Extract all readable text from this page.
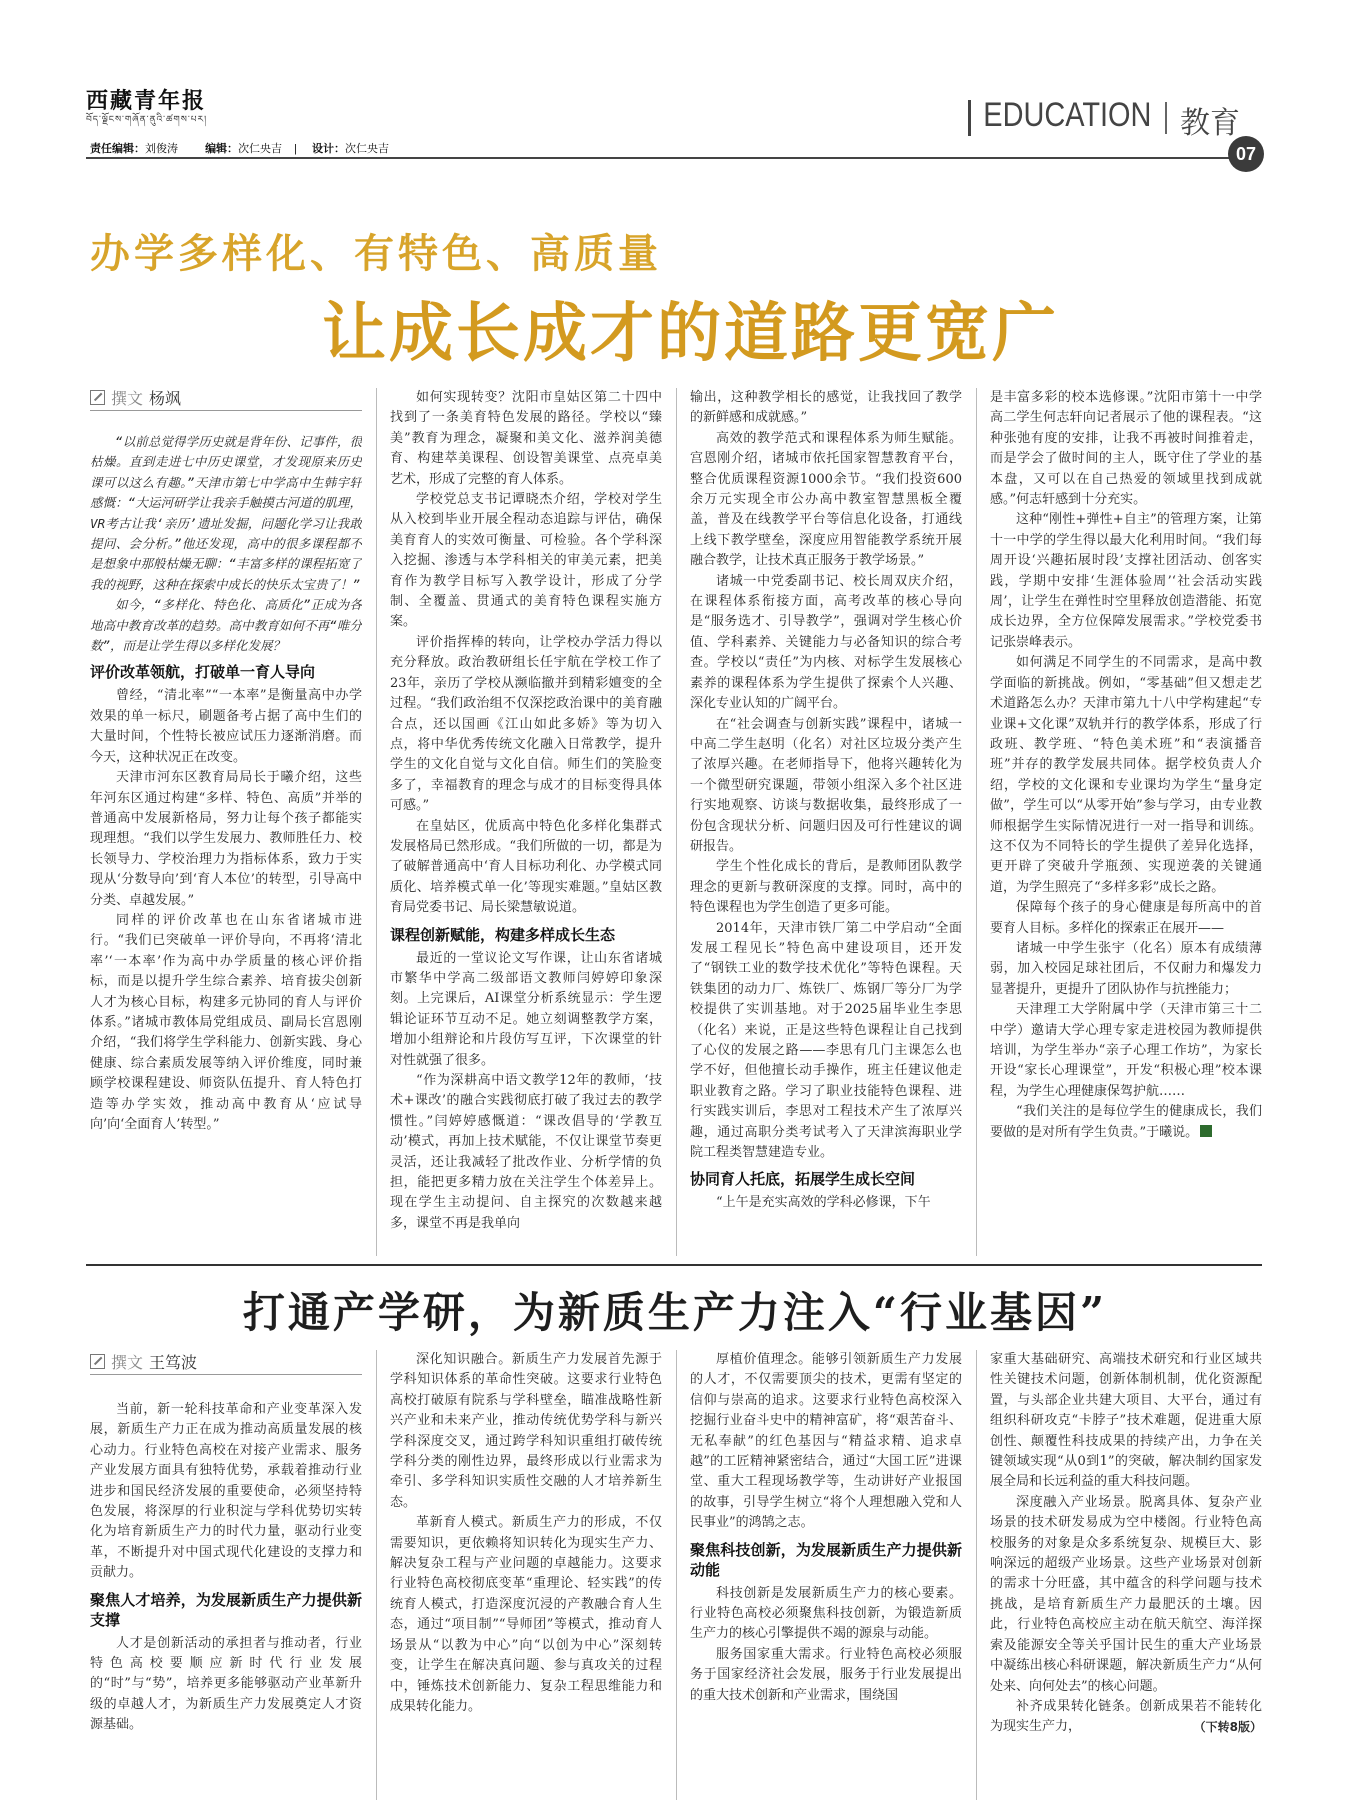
西藏青年报
བོད་ལྗོངས་གཞོན་ནུའི་ཚགས་པར།
责任编辑：刘俊涛 编辑：次仁央吉 | 设计：次仁央吉
EDUCATION 教育
07
办学多样化、有特色、高质量
让成长成才的道路更宽广
撰文 杨飒

“以前总觉得学历史就是背年份、记事件，很枯燥。直到走进七中历史课堂，才发现原来历史课可以这么有趣。”天津市第七中学高中生韩宇轩感慨：“大运河研学让我亲手触摸古河道的肌理，VR考古让我‘亲历’遗址发掘，问题化学习让我敢提问、会分析。”他还发现，高中的很多课程都不是想象中那般枯燥无聊：“丰富多样的课程拓宽了我的视野，这种在探索中成长的快乐太宝贵了！”

如今，“多样化、特色化、高质化”正成为各地高中教育改革的趋势。高中教育如何不再“唯分数”，而是让学生得以多样化发展？

评价改革领航，打破单一育人导向

曾经，“清北率”“一本率”是衡量高中办学效果的单一标尺，刷题备考占据了高中生们的大量时间，个性特长被应试压力逐渐消磨。而今天，这种状况正在改变。

天津市河东区教育局局长于曦介绍，这些年河东区通过构建“多样、特色、高质”并举的普通高中发展新格局，努力让每个孩子都能实现理想。“我们以学生发展力、教师胜任力、校长领导力、学校治理力为指标体系，致力于实现从‘分数导向’到‘育人本位’的转型，引导高中分类、卓越发展。”

同样的评价改革也在山东省诸城市进行。“我们已突破单一评价导向，不再将‘清北率’‘一本率’作为高中办学质量的核心评价指标，而是以提升学生综合素养、培育拔尖创新人才为核心目标，构建多元协同的育人与评价体系。”诸城市教体局党组成员、副局长宫恩刚介绍，“我们将学生学科能力、创新实践、身心健康、综合素质发展等纳入评价维度，同时兼顾学校课程建设、师资队伍提升、育人特色打造等办学实效，推动高中教育从‘应试导向’向‘全面育人’转型。”

如何实现转变？沈阳市皇姑区第二十四中找到了一条美育特色发展的路径。学校以“臻美”教育为理念，凝聚和美文化、滋养润美德育、构建萃美课程、创设智美课堂、点亮卓美艺术，形成了完整的育人体系。

学校党总支书记谭晓杰介绍，学校对学生从入校到毕业开展全程动态追踪与评估，确保美育育人的实效可衡量、可检验。各个学科深入挖掘、渗透与本学科相关的审美元素，把美育作为教学目标写入教学设计，形成了分学制、全覆盖、贯通式的美育特色课程实施方案。

评价指挥棒的转向，让学校办学活力得以充分释放。政治教研组长任宇航在学校工作了23年，亲历了学校从濒临撤并到精彩嬗变的全过程。“我们政治组不仅深挖政治课中的美育融合点，还以国画《江山如此多娇》等为切入点，将中华优秀传统文化融入日常教学，提升学生的文化自觉与文化自信。师生们的笑脸变多了，幸福教育的理念与成才的目标变得具体可感。”

在皇姑区，优质高中特色化多样化集群式发展格局已然形成。“我们所做的一切，都是为了破解普通高中‘育人目标功利化、办学模式同质化、培养模式单一化’等现实难题。”皇姑区教育局党委书记、局长梁慧敏说道。

课程创新赋能，构建多样成长生态

最近的一堂议论文写作课，让山东省诸城市繁华中学高二级部语文教师闫婷婷印象深刻。上完课后，AI课堂分析系统显示：学生逻辑论证环节互动不足。她立刻调整教学方案，增加小组辩论和片段仿写互评，下次课堂的针对性就强了很多。

“作为深耕高中语文教学12年的教师，‘技术+课改’的融合实践彻底打破了我过去的教学惯性。”闫婷婷感慨道：“课改倡导的‘学教互动’模式，再加上技术赋能，不仅让课堂节奏更灵活，还让我减轻了批改作业、分析学情的负担，能把更多精力放在关注学生个体差异上。现在学生主动提问、自主探究的次数越来越多，课堂不再是我单向

输出，这种教学相长的感觉，让我找回了教学的新鲜感和成就感。”

高效的教学范式和课程体系为师生赋能。宫恩刚介绍，诸城市依托国家智慧教育平台，整合优质课程资源1000余节。“我们投资600余万元实现全市公办高中教室智慧黑板全覆盖，普及在线教学平台等信息化设备，打通线上线下教学壁垒，深度应用智能教学系统开展融合教学，让技术真正服务于教学场景。”

诸城一中党委副书记、校长周双庆介绍，在课程体系衔接方面，高考改革的核心导向是“服务选才、引导教学”，强调对学生核心价值、学科素养、关键能力与必备知识的综合考查。学校以“责任”为内核、对标学生发展核心素养的课程体系为学生提供了探索个人兴趣、深化专业认知的广阔平台。

在“社会调查与创新实践”课程中，诸城一中高二学生赵明（化名）对社区垃圾分类产生了浓厚兴趣。在老师指导下，他将兴趣转化为一个微型研究课题，带领小组深入多个社区进行实地观察、访谈与数据收集，最终形成了一份包含现状分析、问题归因及可行性建议的调研报告。

学生个性化成长的背后，是教师团队教学理念的更新与教研深度的支撑。同时，高中的特色课程也为学生创造了更多可能。

2014年，天津市铁厂第二中学启动“全面发展工程见长”特色高中建设项目，还开发了“钢铁工业的数学技术优化”等特色课程。天铁集团的动力厂、炼铁厂、炼钢厂等分厂为学校提供了实训基地。对于2025届毕业生李思（化名）来说，正是这些特色课程让自己找到了心仪的发展之路——李思有几门主课怎么也学不好，但他擅长动手操作，班主任建议他走职业教育之路。学习了职业技能特色课程、进行实践实训后，李思对工程技术产生了浓厚兴趣，通过高职分类考试考入了天津滨海职业学院工程类智慧建造专业。

协同育人托底，拓展学生成长空间

“上午是充实高效的学科必修课，下午

是丰富多彩的校本选修课。”沈阳市第十一中学高二学生何志轩向记者展示了他的课程表。“这种张弛有度的安排，让我不再被时间推着走，而是学会了做时间的主人，既守住了学业的基本盘，又可以在自己热爱的领域里找到成就感。”何志轩感到十分充实。

这种“刚性+弹性+自主”的管理方案，让第十一中学的学生得以最大化利用时间。“我们每周开设‘兴趣拓展时段’支撑社团活动、创客实践，学期中安排‘生涯体验周’‘社会活动实践周’，让学生在弹性时空里释放创造潜能、拓宽成长边界，全方位保障发展需求。”学校党委书记张崇峰表示。

如何满足不同学生的不同需求，是高中教学面临的新挑战。例如，“零基础”但又想走艺术道路怎么办？天津市第九十八中学构建起“专业课+文化课”双轨并行的教学体系，形成了行政班、教学班、“特色美术班”和“表演播音班”并存的教学发展共同体。据学校负责人介绍，学校的文化课和专业课均为学生“量身定做”，学生可以“从零开始”参与学习，由专业教师根据学生实际情况进行一对一指导和训练。这不仅为不同特长的学生提供了差异化选择，更开辟了突破升学瓶颈、实现逆袭的关键通道，为学生照亮了“多样多彩”成长之路。

保障每个孩子的身心健康是每所高中的首要育人目标。多样化的探索正在展开——

诸城一中学生张宇（化名）原本有成绩薄弱，加入校园足球社团后，不仅耐力和爆发力显著提升，更提升了团队协作与抗挫能力；

天津理工大学附属中学（天津市第三十二中学）邀请大学心理专家走进校园为教师提供培训，为学生举办“亲子心理工作坊”，为家长开设“家长心理课堂”，开发“积极心理”校本课程，为学生心理健康保驾护航……

“我们关注的是每位学生的健康成长，我们要做的是对所有学生负责。”于曦说。

打通产学研，为新质生产力注入“行业基因”
撰文 王笃波

当前，新一轮科技革命和产业变革深入发展，新质生产力正在成为推动高质量发展的核心动力。行业特色高校在对接产业需求、服务产业发展方面具有独特优势，承载着推动行业进步和国民经济发展的重要使命，必须坚持特色发展，将深厚的行业积淀与学科优势切实转化为培育新质生产力的时代力量，驱动行业变革，不断提升对中国式现代化建设的支撑力和贡献力。

聚焦人才培养，为发展新质生产力提供新支撑

人才是创新活动的承担者与推动者，行业特色高校要顺应新时代行业发展的“时”与“势”，培养更多能够驱动产业革新升级的卓越人才，为新质生产力发展奠定人才资源基础。

深化知识融合。新质生产力发展首先源于学科知识体系的革命性突破。这要求行业特色高校打破原有院系与学科壁垒，瞄准战略性新兴产业和未来产业，推动传统优势学科与新兴学科深度交叉，通过跨学科知识重组打破传统学科分类的刚性边界，最终形成以行业需求为牵引、多学科知识实质性交融的人才培养新生态。

革新育人模式。新质生产力的形成，不仅需要知识，更依赖将知识转化为现实生产力、解决复杂工程与产业问题的卓越能力。这要求行业特色高校彻底变革“重理论、轻实践”的传统育人模式，打造深度沉浸的产教融合育人生态，通过“项目制”“导师团”等模式，推动育人场景从“以教为中心”向“以创为中心”深刻转变，让学生在解决真问题、参与真攻关的过程中，锤炼技术创新能力、复杂工程思维能力和成果转化能力。

厚植价值理念。能够引领新质生产力发展的人才，不仅需要顶尖的技术，更需有坚定的信仰与崇高的追求。这要求行业特色高校深入挖掘行业奋斗史中的精神富矿，将“艰苦奋斗、无私奉献”的红色基因与“精益求精、追求卓越”的工匠精神紧密结合，通过“大国工匠”进课堂、重大工程现场教学等，生动讲好产业报国的故事，引导学生树立“将个人理想融入党和人民事业”的鸿鹄之志。

聚焦科技创新，为发展新质生产力提供新动能

科技创新是发展新质生产力的核心要素。行业特色高校必须聚焦科技创新，为锻造新质生产力的核心引擎提供不竭的源泉与动能。

服务国家重大需求。行业特色高校必须服务于国家经济社会发展，服务于行业发展提出的重大技术创新和产业需求，围绕国

家重大基础研究、高端技术研究和行业区域共性关键技术问题，创新体制机制，优化资源配置，与头部企业共建大项目、大平台，通过有组织科研攻克“卡脖子”技术难题，促进重大原创性、颠覆性科技成果的持续产出，力争在关键领域实现“从0到1”的突破，解决制约国家发展全局和长远利益的重大科技问题。

深度融入产业场景。脱离具体、复杂产业场景的技术研发易成为空中楼阁。行业特色高校服务的对象是众多系统复杂、规模巨大、影响深远的超级产业场景。这些产业场景对创新的需求十分旺盛，其中蕴含的科学问题与技术挑战，是培育新质生产力最肥沃的土壤。因此，行业特色高校应主动在航天航空、海洋探索及能源安全等关乎国计民生的重大产业场景中凝练出核心科研课题，解决新质生产力“从何处来、向何处去”的核心问题。

补齐成果转化链条。创新成果若不能转化为现实生产力，	（下转8版）
